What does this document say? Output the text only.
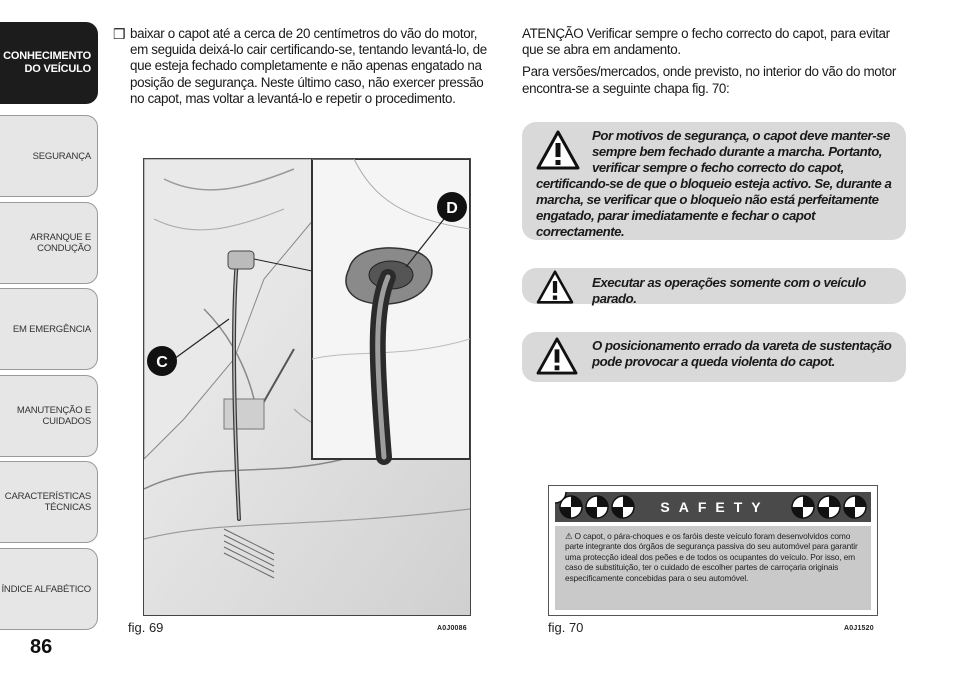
CONHECIMENTO
DO VEÍCULO
SEGURANÇA
ARRANQUE E
CONDUÇÃO
EM EMERGÊNCIA
MANUTENÇÃO E
CUIDADOS
CARACTERÍSTICAS
TÉCNICAS
ÍNDICE ALFABÉTICO
86
❒ baixar o capot até a cerca de 20 centímetros do vão do motor, em seguida deixá-lo cair certificando-se, tentando levantá-lo, de que esteja fechado completamente e não apenas engatado na posição de segurança. Neste último caso, não exercer pressão no capot, mas voltar a levantá-lo e repetir o procedimento.
D
C
fig. 69	A0J0086

ATENÇÃO Verificar sempre o fecho correcto do capot, para evitar que se abra em andamento.

Para versões/mercados, onde previsto, no interior do vão do motor encontra-se a seguinte chapa fig. 70:

Por motivos de segurança, o capot deve manter-se
sempre bem fechado durante a marcha. Portanto,
verificar sempre o fecho correcto do capot,
certificando-se de que o bloqueio esteja activo. Se, durante a
marcha, se verificar que o bloqueio não está perfeitamente
engatado, parar imediatamente e fechar o capot correctamente.
Executar as operações somente com o veículo parado.
O posicionamento errado da vareta de sustentação
pode provocar a queda violenta do capot.
SAFETY
⚠ O capot, o pára-choques e os faróis deste veículo foram desenvolvidos como parte integrante dos órgãos de segurança passiva do seu automóvel para garantir uma protecção ideal dos peões e de todos os ocupantes do veículo. Por isso, em caso de substituição, ter o cuidado de escolher partes de carroçaria originais especificamente concebidas para o seu automóvel.
fig. 70	A0J1520
